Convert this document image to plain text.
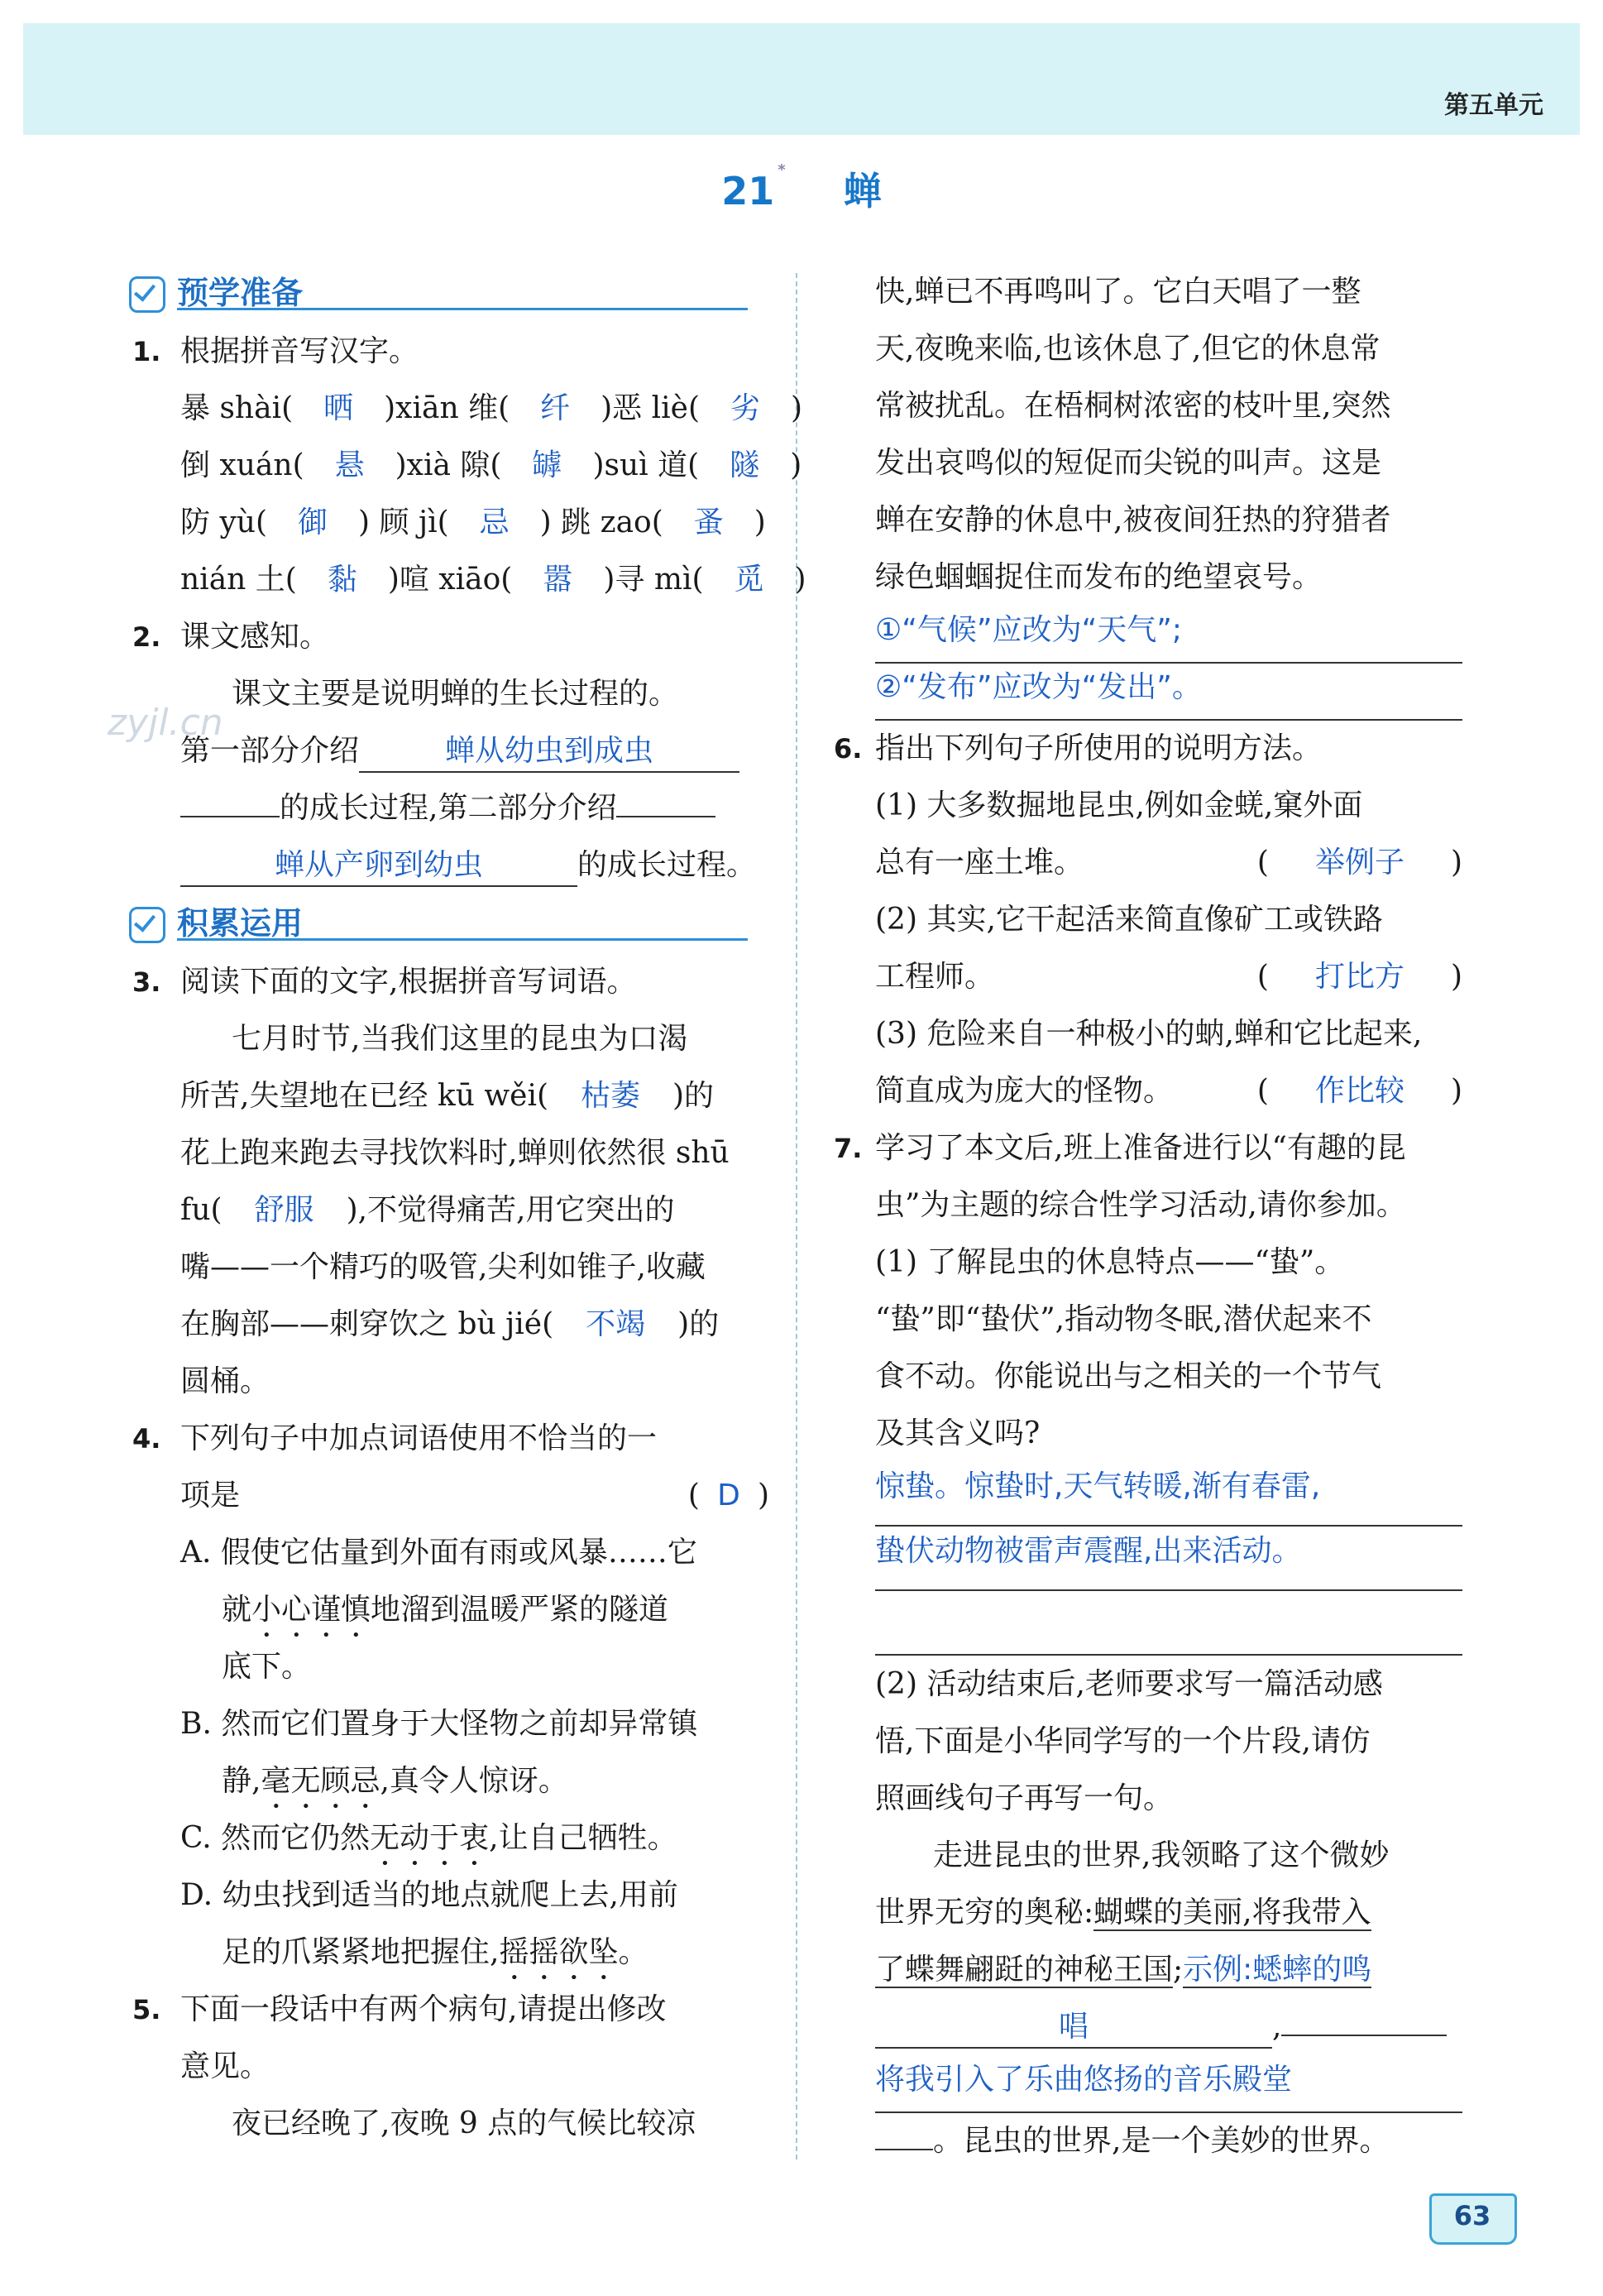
第五单元
21 * 蝉
zyjl.cn
预学准备
1. 根据拼音写汉字。
暴 shài( 晒 )xiān 维( 纤 )恶 liè( 劣 )
倒 xuán( 悬 )xià 隙( 罅 )suì 道( 隧 )
防 yù( 御 ) 顾 jì( 忌 ) 跳 zao( 蚤 )
nián 土( 黏 )喧 xiāo( 嚣 )寻 mì( 觅 )
2. 课文感知。
课文主要是说明蝉的生长过程的。
第一部分介绍	蝉从幼虫到成虫
的成长过程,第二部分介绍
蝉从产卵到幼虫	的成长过程。
积累运用
3. 阅读下面的文字,根据拼音写词语。
七月时节,当我们这里的昆虫为口渴
所苦,失望地在已经 kū wěi( 枯萎 )的
花上跑来跑去寻找饮料时,蝉则依然很 shū
fu( 舒服 ),不觉得痛苦,用它突出的
嘴——一个精巧的吸管,尖利如锥子,收藏
在胸部——刺穿饮之 bù jié( 不竭 )的
圆桶。
4. 下列句子中加点词语使用不恰当的一
项是	( D )
A. 假使它估量到外面有雨或风暴……它
就小心谨慎地溜到温暖严紧的隧道
底下。
B. 然而它们置身于大怪物之前却异常镇
静,毫无顾忌,真令人惊讶。
C. 然而它仍然无动于衷,让自己牺牲。
D. 幼虫找到适当的地点就爬上去,用前
足的爪紧紧地把握住,摇摇欲坠。
5. 下面一段话中有两个病句,请提出修改
意见。
夜已经晚了,夜晚 9 点的气候比较凉
快,蝉已不再鸣叫了。它白天唱了一整
天,夜晚来临,也该休息了,但它的休息常
常被扰乱。在梧桐树浓密的枝叶里,突然
发出哀鸣似的短促而尖锐的叫声。这是
蝉在安静的休息中,被夜间狂热的狩猎者
绿色蝈蝈捉住而发布的绝望哀号。
①“气候”应改为“天气”;
②“发布”应改为“发出”。
6. 指出下列句子所使用的说明方法。
(1) 大多数掘地昆虫,例如金蜣,窠外面
总有一座土堆。	( 举例子 )
(2) 其实,它干起活来简直像矿工或铁路
工程师。	( 打比方 )
(3) 危险来自一种极小的蚋,蝉和它比起来,
简直成为庞大的怪物。	( 作比较 )
7. 学习了本文后,班上准备进行以“有趣的昆
虫”为主题的综合性学习活动,请你参加。
(1) 了解昆虫的休息特点——“蛰”。
“蛰”即“蛰伏”,指动物冬眠,潜伏起来不
食不动。你能说出与之相关的一个节气
及其含义吗?
惊蛰。惊蛰时,天气转暖,渐有春雷,
蛰伏动物被雷声震醒,出来活动。
(2) 活动结束后,老师要求写一篇活动感
悟,下面是小华同学写的一个片段,请仿
照画线句子再写一句。
走进昆虫的世界,我领略了这个微妙
世界无穷的奥秘:蝴蝶的美丽,将我带入
了蝶舞翩跹的神秘王国;示例:蟋蟀的鸣
唱	,
将我引入了乐曲悠扬的音乐殿堂
。昆虫的世界,是一个美妙的世界。
63
